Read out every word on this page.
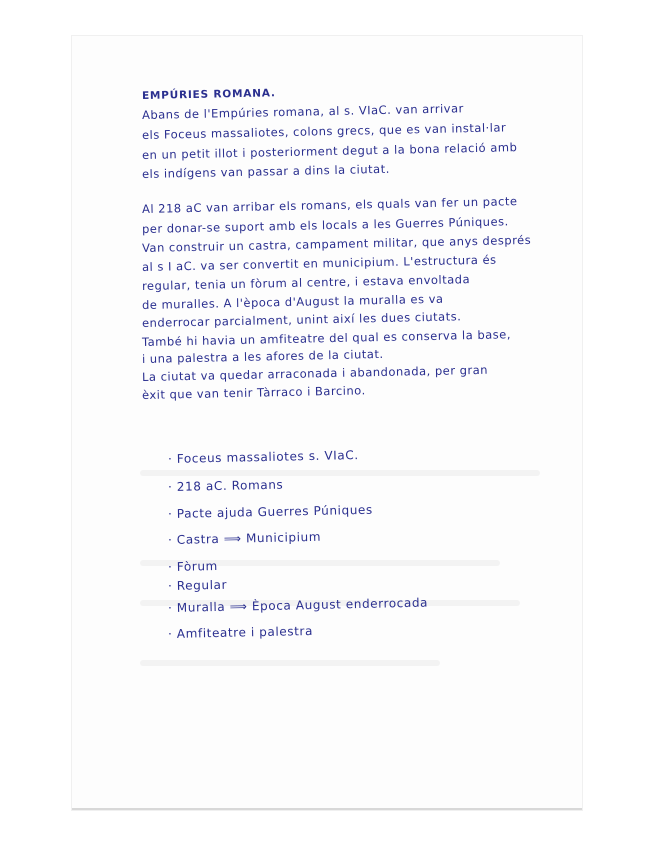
EMPÚRIES ROMANA.
Abans de l'Empúries romana, al s. VIaC. van arrivar
els Foceus massaliotes, colons grecs, que es van instal·lar
en un petit illot i posteriorment degut a la bona relació amb
els indígens van passar a dins la ciutat.
Al 218 aC van arribar els romans, els quals van fer un pacte
per donar-se suport amb els locals a les Guerres Púniques.
Van construir un castra, campament militar, que anys després
al s I aC. va ser convertit en municipium. L'estructura és
regular, tenia un fòrum al centre, i estava envoltada
de muralles. A l'època d'August la muralla es va
enderrocar parcialment, unint així les dues ciutats.
També hi havia un amfiteatre del qual es conserva la base,
i una palestra a les afores de la ciutat.
La ciutat va quedar arraconada i abandonada, per gran
èxit que van tenir Tàrraco i Barcino.
· Foceus massaliotes s. VIaC.
· 218 aC. Romans
· Pacte ajuda Guerres Púniques
· Castra ⟹ Municipium
· Fòrum
· Regular
· Muralla ⟹ Època August enderrocada
· Amfiteatre i palestra
